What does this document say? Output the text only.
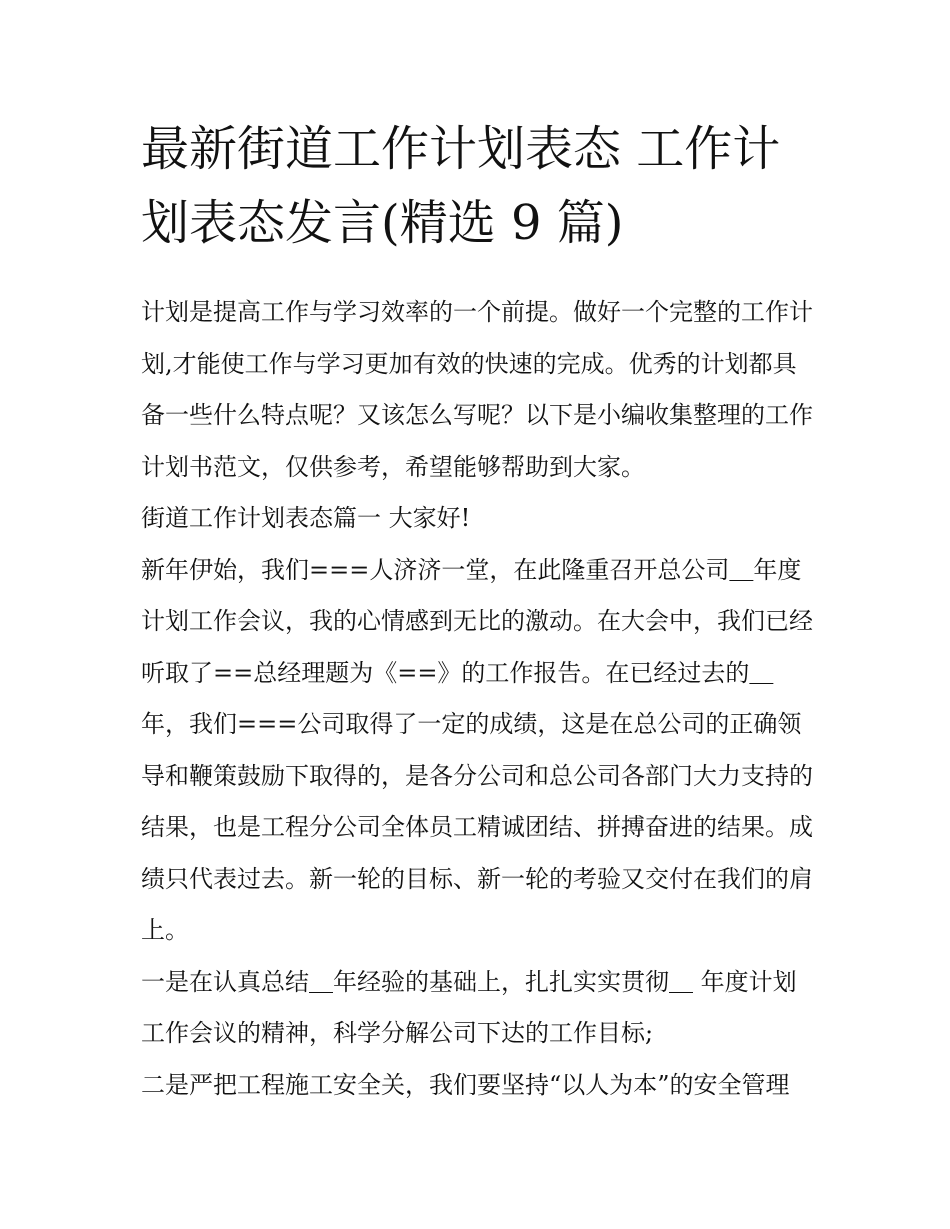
最新街道工作计划表态 工作计划表态发言(精选 9 篇)

计划是提高工作与学习效率的一个前提。做好一个完整的工作计划,才能使工作与学习更加有效的快速的完成。优秀的计划都具备一些什么特点呢？又该怎么写呢？以下是小编收集整理的工作计划书范文，仅供参考，希望能够帮助到大家。

街道工作计划表态篇一 大家好!

新年伊始，我们===人济济一堂，在此隆重召开总公司＿年度计划工作会议，我的心情感到无比的激动。在大会中，我们已经听取了==总经理题为《==》的工作报告。在已经过去的＿年，我们===公司取得了一定的成绩，这是在总公司的正确领导和鞭策鼓励下取得的，是各分公司和总公司各部门大力支持的结果，也是工程分公司全体员工精诚团结、拼搏奋进的结果。成绩只代表过去。新一轮的目标、新一轮的考验又交付在我们的肩上。

一是在认真总结＿年经验的基础上，扎扎实实贯彻＿ 年度计划工作会议的精神，科学分解公司下达的工作目标;

二是严把工程施工安全关，我们要坚持“以人为本”的安全管理
